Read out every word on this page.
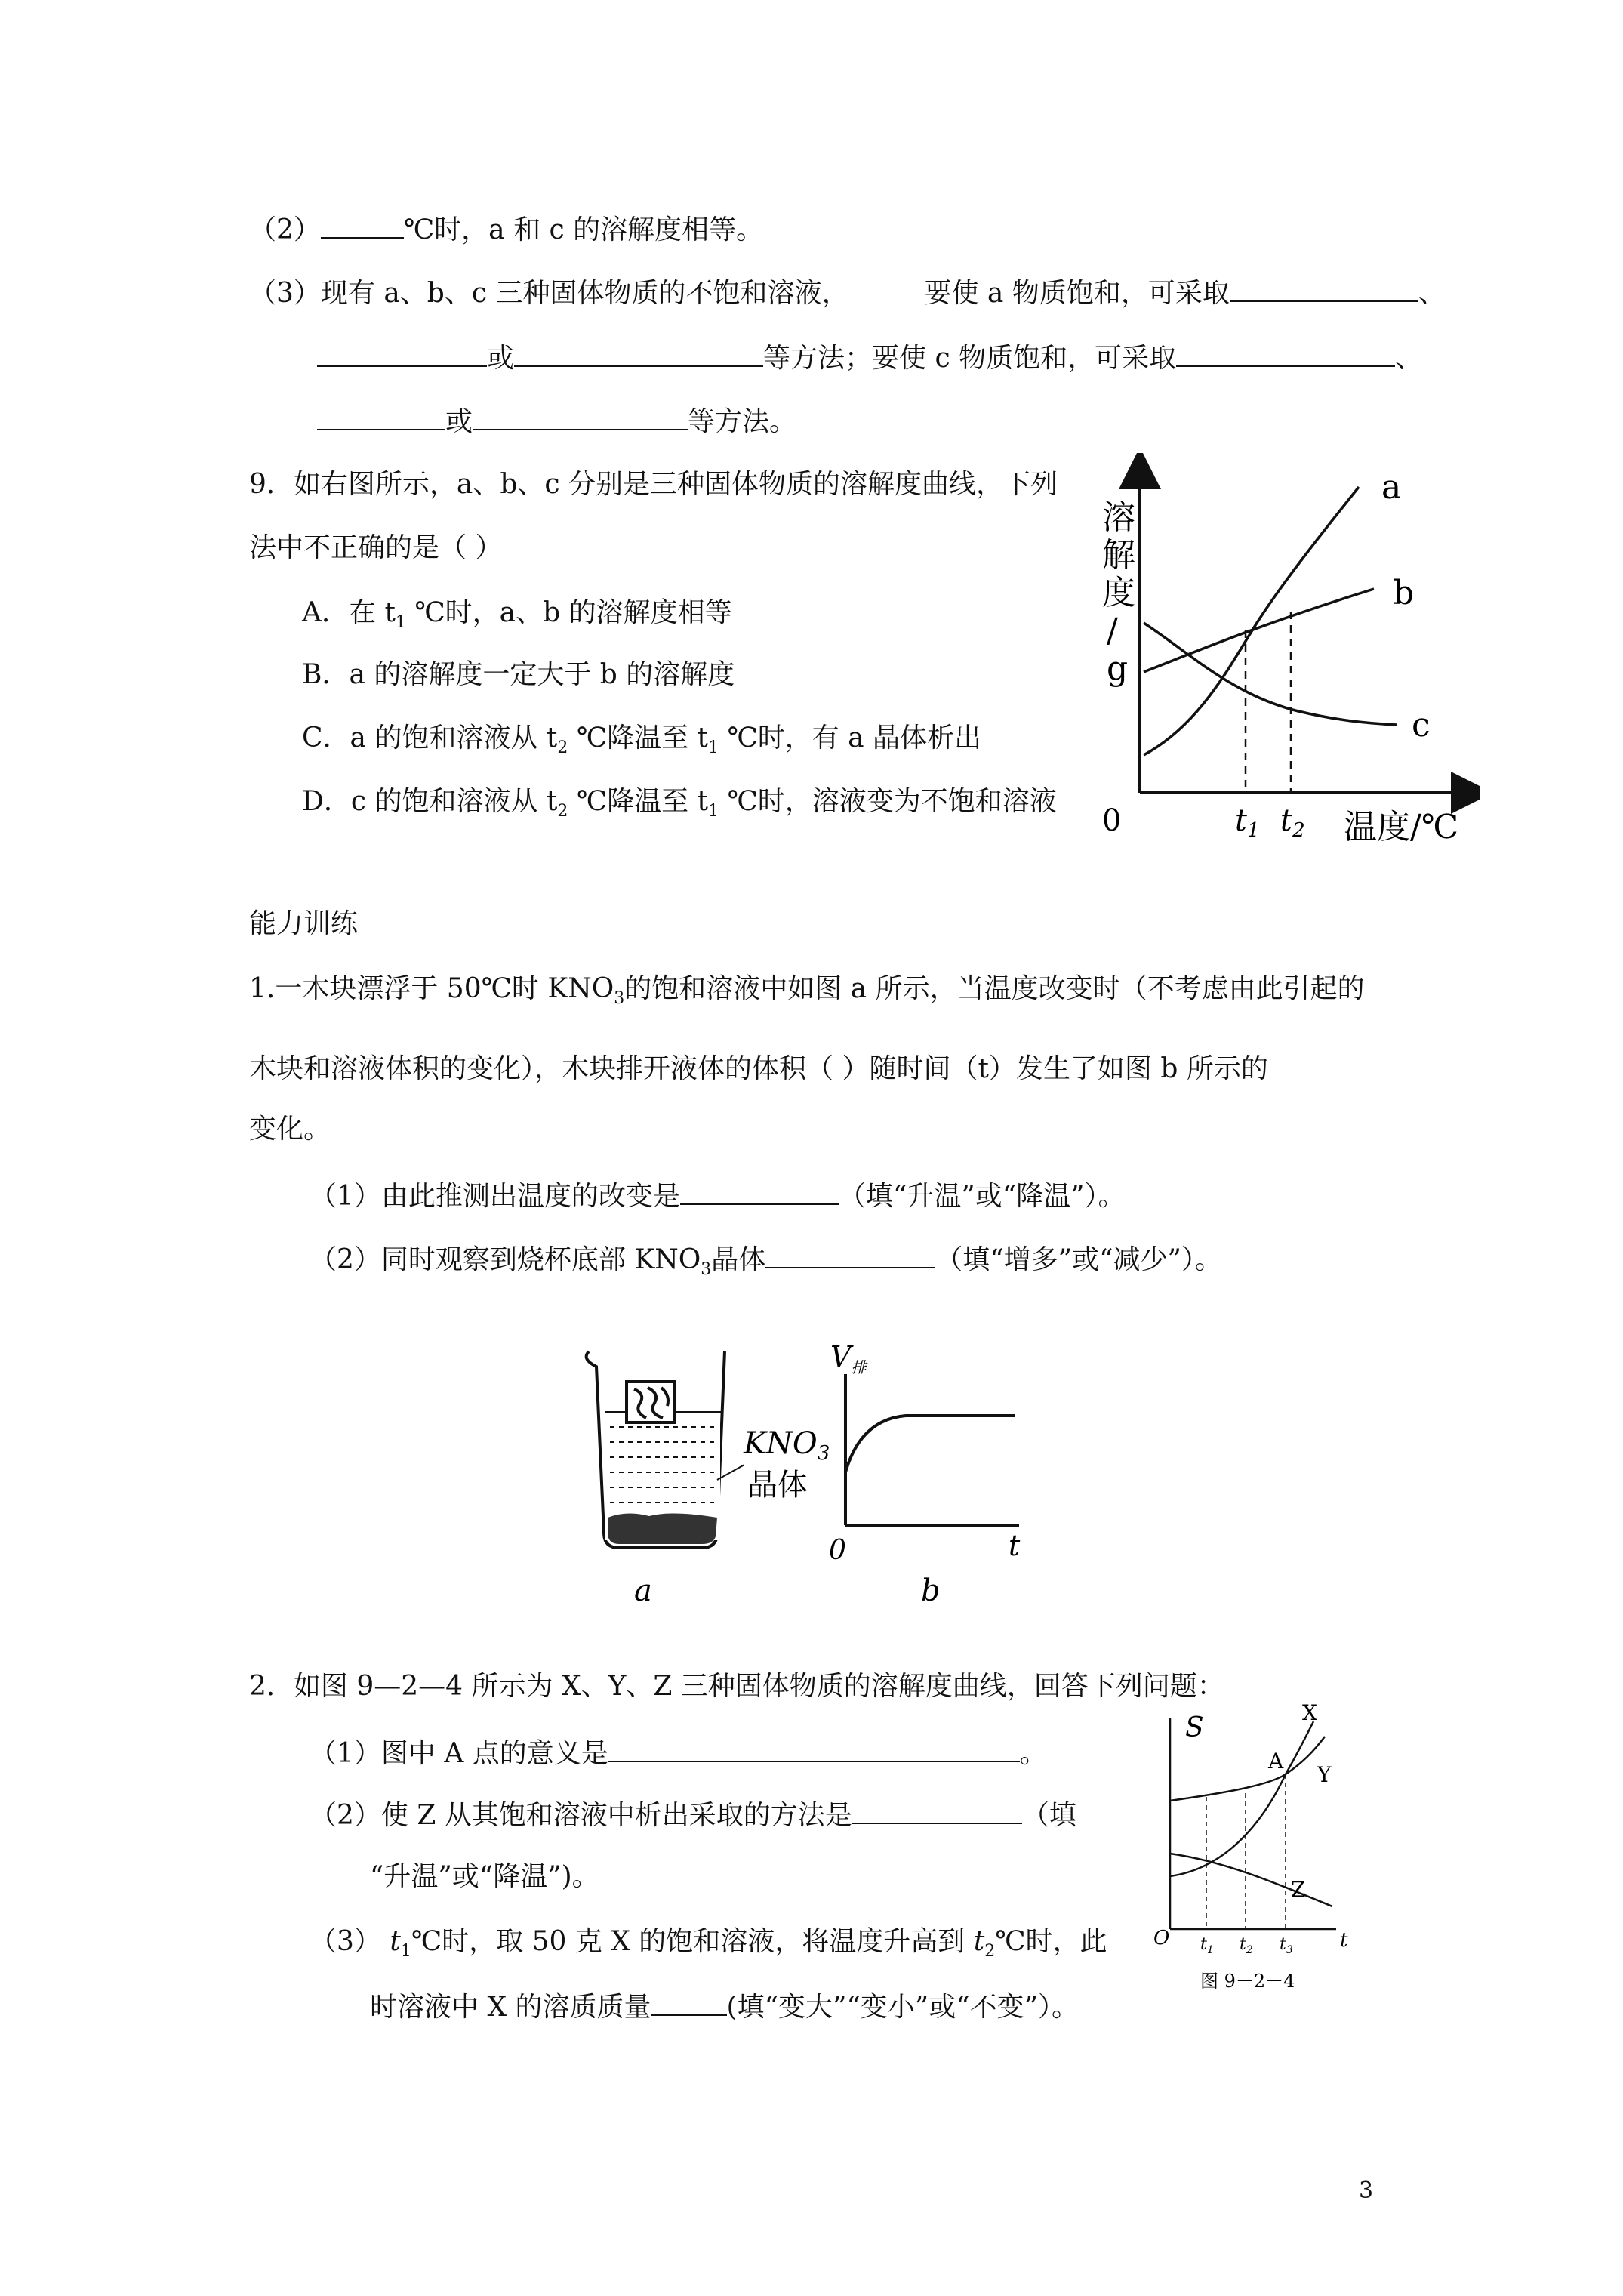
（2）	℃时，a 和 c 的溶解度相等。
（3）现有 a、b、c 三种固体物质的不饱和溶液，	要使 a 物质饱和，可采取	、
或	等方法；要使 c 物质饱和，可采取	、
或	等方法。
9．如右图所示，a、b、c 分别是三种固体物质的溶解度曲线，下列说
法中不正确的是（ ）
A．在 $t_1$ ℃时，a、b 的溶解度相等
B．a 的溶解度一定大于 b 的溶解度
C．a 的饱和溶液从 $t_2$ ℃降温至 $t_1$ ℃时，有 a 晶体析出
D．c 的饱和溶液从 $t_2$ ℃降温至 $t_1$ ℃时，溶液变为不饱和溶液
溶
解
度
/
g
0	温度/℃
$t_1$ $t_2$
a
b
c
能力训练
1.一木块漂浮于 50℃时 $KNO_3$的饱和溶液中如图 a 所示，当温度改变时（不考虑由此引起的
木块和溶液体积的变化），木块排开液体的体积（ ）随时间（t）发生了如图 b 所示的
变化。
（1）由此推测出温度的改变是	（填“升温”或“降温”）。
（2）同时观察到烧杯底部 $KNO_3$晶体	（填“增多”或“减少”）。
$KNO_3$
晶体
a
$V_排$
0	t
b
2．如图 9—2—4 所示为 X、Y、Z 三种固体物质的溶解度曲线，回答下列问题：
（1）图中 A 点的意义是	。
（2）使 Z 从其饱和溶液中析出采取的方法是	（填
“升温”或“降温”)。
（3） $t_1℃$时，取 50 克 X 的饱和溶液，将温度升高到 $t_2℃$时，此
时溶液中 X 的溶质质量	(填“变大”“变小”或“不变”）。
S	X
Y
Z
A
O	t
$t_1$ $t_2$ $t_3$
图 9－2－4
3
